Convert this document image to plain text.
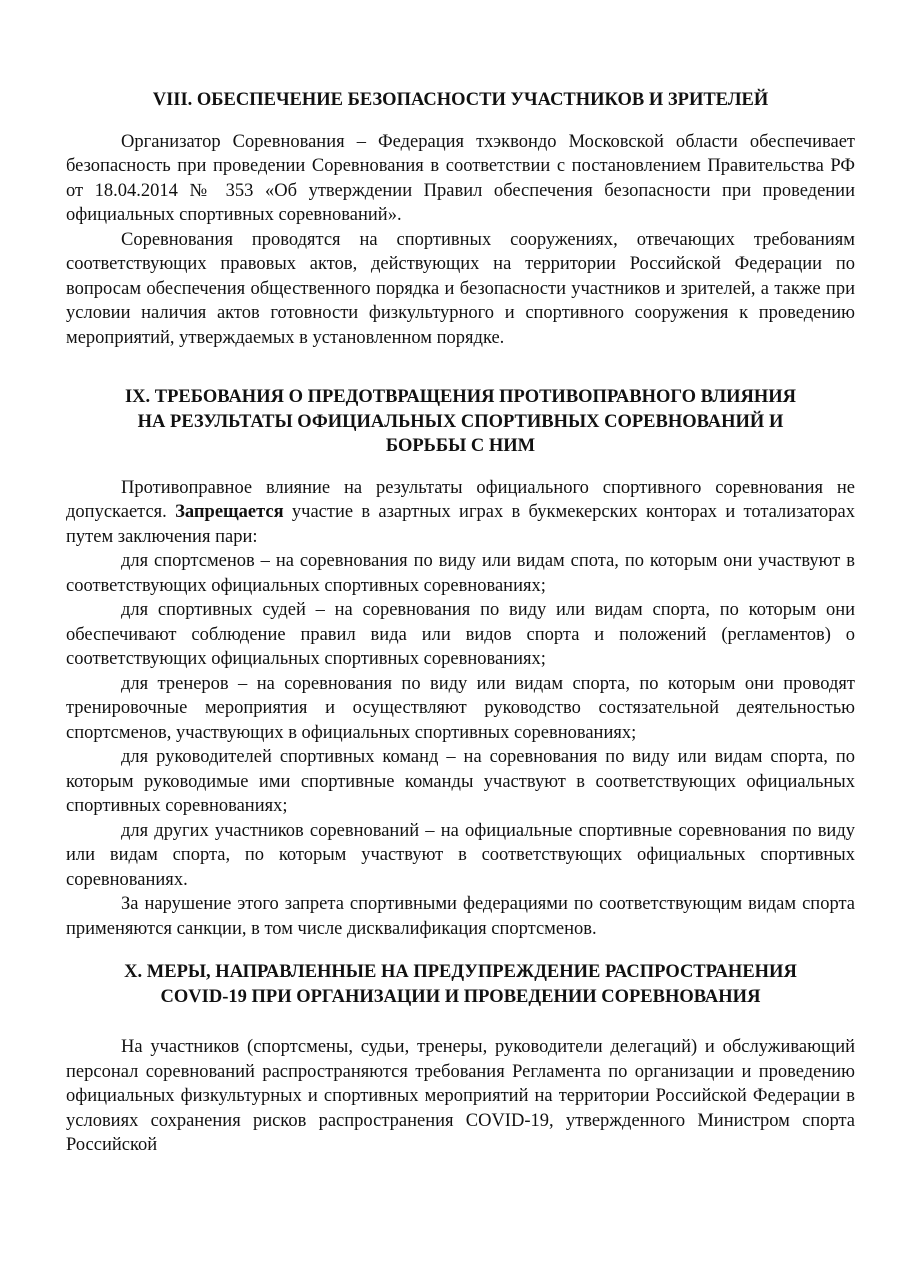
VIII. ОБЕСПЕЧЕНИЕ БЕЗОПАСНОСТИ УЧАСТНИКОВ И ЗРИТЕЛЕЙ

Организатор Соревнования – Федерация тхэквондо Московской области обеспечивает безопасность при проведении Соревнования в соответствии с постановлением Правительства РФ от 18.04.2014 № 353 «Об утверждении Правил обеспечения безопасности при проведении официальных спортивных соревнований».

Соревнования проводятся на спортивных сооружениях, отвечающих требованиям соответствующих правовых актов, действующих на территории Российской Федерации по вопросам обеспечения общественного порядка и безопасности участников и зрителей, а также при условии наличия актов готовности физкультурного и спортивного сооружения к проведению мероприятий, утверждаемых в установленном порядке.

IX. ТРЕБОВАНИЯ О ПРЕДОТВРАЩЕНИЯ ПРОТИВОПРАВНОГО ВЛИЯНИЯ
НА РЕЗУЛЬТАТЫ ОФИЦИАЛЬНЫХ СПОРТИВНЫХ СОРЕВНОВАНИЙ И
БОРЬБЫ С НИМ

Противоправное влияние на результаты официального спортивного соревнования не допускается. Запрещается участие в азартных играх в букмекерских конторах и тотализаторах путем заключения пари:

для спортсменов – на соревнования по виду или видам спота, по которым они участвуют в соответствующих официальных спортивных соревнованиях;

для спортивных судей – на соревнования по виду или видам спорта, по которым они обеспечивают соблюдение правил вида или видов спорта и положений (регламентов) о соответствующих официальных спортивных соревнованиях;

для тренеров – на соревнования по виду или видам спорта, по которым они проводят тренировочные мероприятия и осуществляют руководство состязательной деятельностью спортсменов, участвующих в официальных спортивных соревнованиях;

для руководителей спортивных команд – на соревнования по виду или видам спорта, по которым руководимые ими спортивные команды участвуют в соответствующих официальных спортивных соревнованиях;

для других участников соревнований – на официальные спортивные соревнования по виду или видам спорта, по которым участвуют в соответствующих официальных спортивных соревнованиях.

За нарушение этого запрета спортивными федерациями по соответствующим видам спорта применяются санкции, в том числе дисквалификация спортсменов.

X. МЕРЫ, НАПРАВЛЕННЫЕ НА ПРЕДУПРЕЖДЕНИЕ РАСПРОСТРАНЕНИЯ
COVID-19 ПРИ ОРГАНИЗАЦИИ И ПРОВЕДЕНИИ СОРЕВНОВАНИЯ

На участников (спортсмены, судьи, тренеры, руководители делегаций) и обслуживающий персонал соревнований распространяются требования Регламента по организации и проведению официальных физкультурных и спортивных мероприятий на территории Российской Федерации в условиях сохранения рисков распространения COVID-19, утвержденного Министром спорта Российской
